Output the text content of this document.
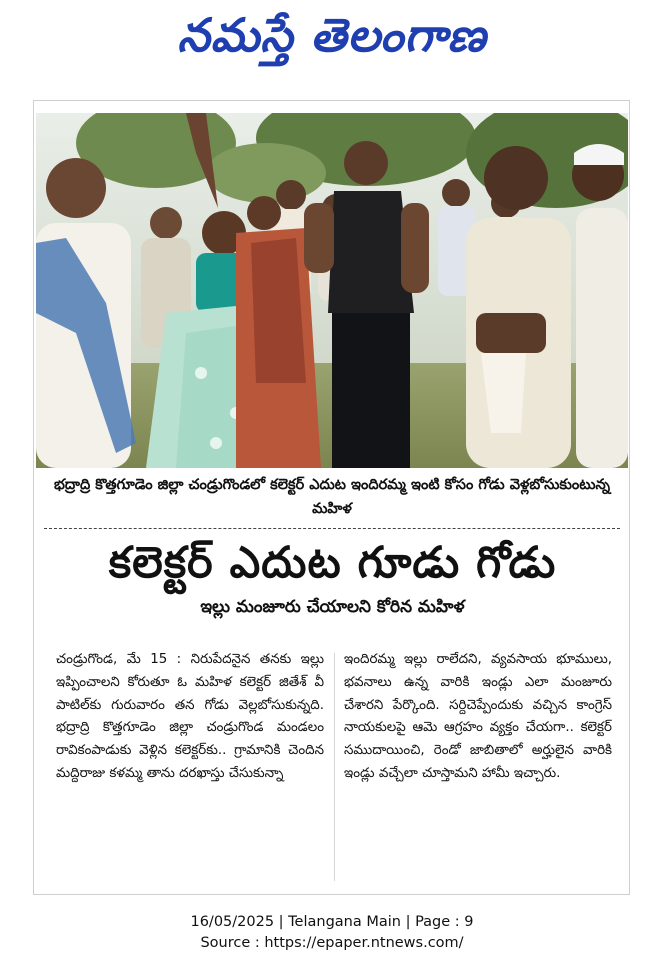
నమస్తే తెలంగాణ
భద్రాద్రి కొత్తగూడెం జిల్లా చండ్రుగొండలో కలెక్టర్‌ ఎదుట ఇందిరమ్మ ఇంటి కోసం గోడు వెళ్లబోసుకుంటున్న మహిళ
కలెక్టర్‌ ఎదుట గూడు గోడు
ఇల్లు మంజూరు చేయాలని కోరిన మహిళ

చండ్రుగొండ, మే 15 : నిరుపేదనైన తనకు ఇల్లు ఇప్పించాలని కోరుతూ ఓ మహిళ కలెక్టర్‌ జితేశ్‌ వీ పాటిల్‌కు గురువారం తన గోడు వెల్లబోసుకున్నది. భద్రాద్రి కొత్తగూడెం జిల్లా చండ్రుగొండ మండలం రావికంపాడుకు వెళ్లిన కలెక్టర్‌కు.. గ్రామానికి చెందిన మద్దిరాజు కళమ్మ తాను దరఖాస్తు చేసుకున్నా

ఇందిరమ్మ ఇల్లు రాలేదని, వ్యవసాయ భూములు, భవనాలు ఉన్న వారికి ఇండ్లు ఎలా మంజూరు చేశారని పేర్కొంది. సర్దిచెప్పేందుకు వచ్చిన కాంగ్రెస్‌ నాయకులపై ఆమె ఆగ్రహం వ్యక్తం చేయగా.. కలెక్టర్‌ సముదాయించి, రెండో జాబితాలో అర్హులైన వారికి ఇండ్లు వచ్చేలా చూస్తామని హామీ ఇచ్చారు.

16/05/2025 | Telangana Main | Page : 9
Source : https://epaper.ntnews.com/
